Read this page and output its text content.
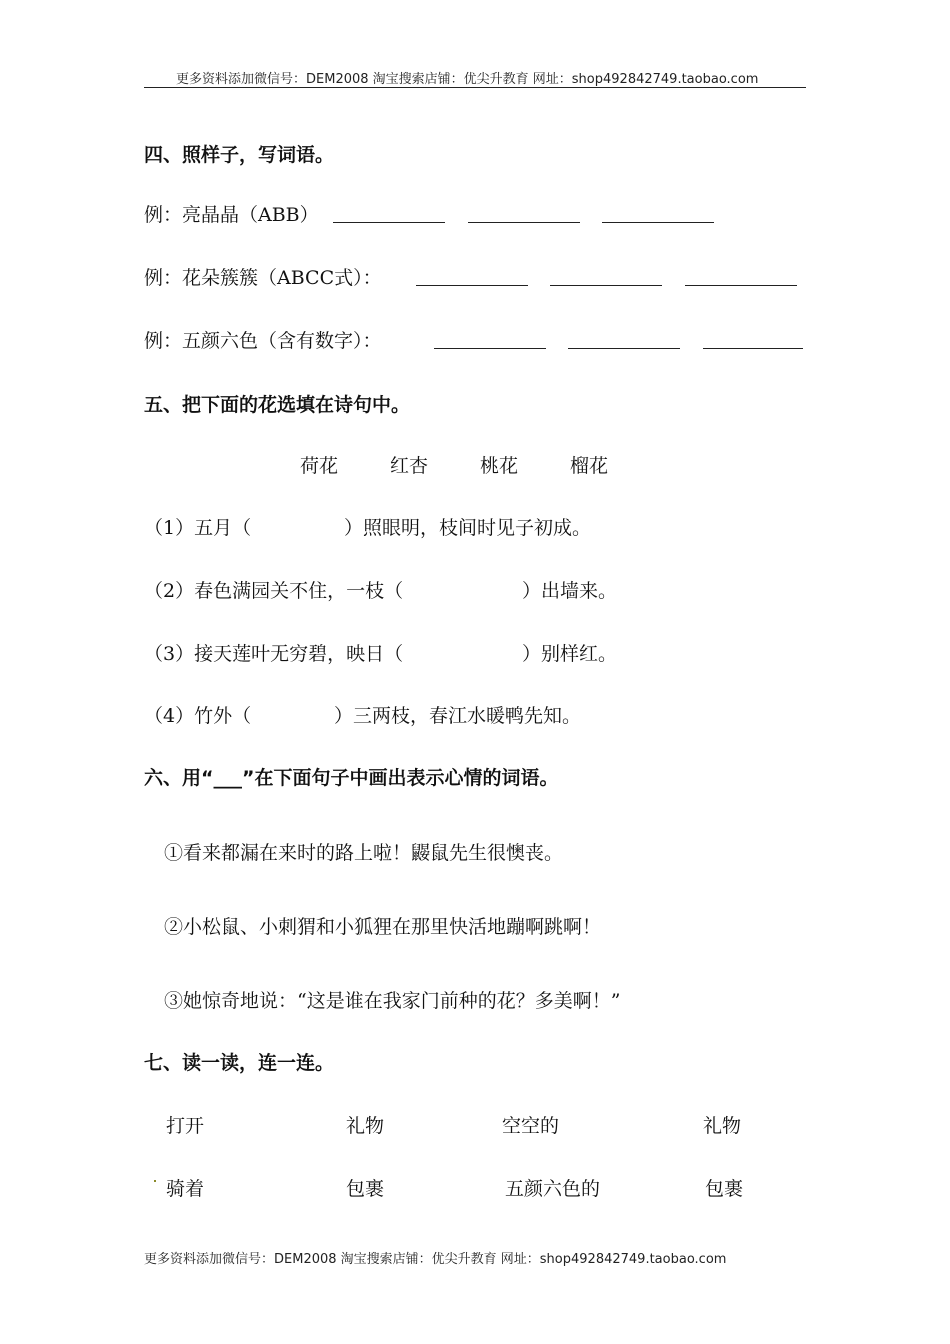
更多资料添加微信号：DEM2008 淘宝搜索店铺：优尖升教育 网址：shop492842749.taobao.com
四、照样子，写词语。
例：亮晶晶（ABB）
例：花朵簇簇（ABCC式）：
例：五颜六色（含有数字）：
五、把下面的花选填在诗句中。
荷花	红杏	桃花	榴花
（1）五月（	）照眼明，枝间时见子初成。
（2）春色满园关不住，一枝（	）出墙来。
（3）接天莲叶无穷碧，映日（	）别样红。
（4）竹外（	）三两枝，春江水暖鸭先知。
六、用“___”在下面句子中画出表示心情的词语。
①看来都漏在来时的路上啦！鼹鼠先生很懊丧。
②小松鼠、小刺猬和小狐狸在那里快活地蹦啊跳啊！
③她惊奇地说：“这是谁在我家门前种的花？多美啊！”
七、读一读，连一连。
打开	礼物	空空的	礼物
骑着	包裹	五颜六色的	包裹
更多资料添加微信号：DEM2008 淘宝搜索店铺：优尖升教育 网址：shop492842749.taobao.com
